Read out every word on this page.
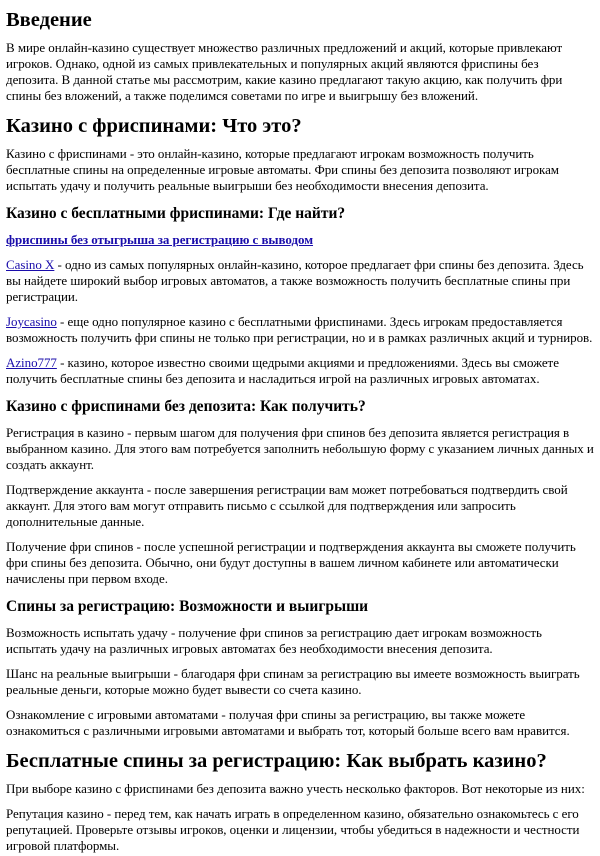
Введение

В мире онлайн-казино существует множество различных предложений и акций, которые привлекают игроков. Однако, одной из самых привлекательных и популярных акций являются фриспины без депозита. В данной статье мы рассмотрим, какие казино предлагают такую акцию, как получить фри спины без вложений, а также поделимся советами по игре и выигрышу без вложений.

Казино с фриспинами: Что это?

Казино с фриспинами - это онлайн-казино, которые предлагают игрокам возможность получить бесплатные спины на определенные игровые автоматы. Фри спины без депозита позволяют игрокам испытать удачу и получить реальные выигрыши без необходимости внесения депозита.

Казино с бесплатными фриспинами: Где найти?

фриспины без отыгрыша за регистрацию с выводом

Casino X - одно из самых популярных онлайн-казино, которое предлагает фри спины без депозита. Здесь вы найдете широкий выбор игровых автоматов, а также возможность получить бесплатные спины при регистрации.

Joycasino - еще одно популярное казино с бесплатными фриспинами. Здесь игрокам предоставляется возможность получить фри спины не только при регистрации, но и в рамках различных акций и турниров.

Azino777 - казино, которое известно своими щедрыми акциями и предложениями. Здесь вы сможете получить бесплатные спины без депозита и насладиться игрой на различных игровых автоматах.

Казино с фриспинами без депозита: Как получить?

Регистрация в казино - первым шагом для получения фри спинов без депозита является регистрация в выбранном казино. Для этого вам потребуется заполнить небольшую форму с указанием личных данных и создать аккаунт.

Подтверждение аккаунта - после завершения регистрации вам может потребоваться подтвердить свой аккаунт. Для этого вам могут отправить письмо с ссылкой для подтверждения или запросить дополнительные данные.

Получение фри спинов - после успешной регистрации и подтверждения аккаунта вы сможете получить фри спины без депозита. Обычно, они будут доступны в вашем личном кабинете или автоматически начислены при первом входе.

Спины за регистрацию: Возможности и выигрыши

Возможность испытать удачу - получение фри спинов за регистрацию дает игрокам возможность испытать удачу на различных игровых автоматах без необходимости внесения депозита.

Шанс на реальные выигрыши - благодаря фри спинам за регистрацию вы имеете возможность выиграть реальные деньги, которые можно будет вывести со счета казино.

Ознакомление с игровыми автоматами - получая фри спины за регистрацию, вы также можете ознакомиться с различными игровыми автоматами и выбрать тот, который больше всего вам нравится.

Бесплатные спины за регистрацию: Как выбрать казино?

При выборе казино с фриспинами без депозита важно учесть несколько факторов. Вот некоторые из них:

Репутация казино - перед тем, как начать играть в определенном казино, обязательно ознакомьтесь с его репутацией. Проверьте отзывы игроков, оценки и лицензии, чтобы убедиться в надежности и честности игровой платформы.
